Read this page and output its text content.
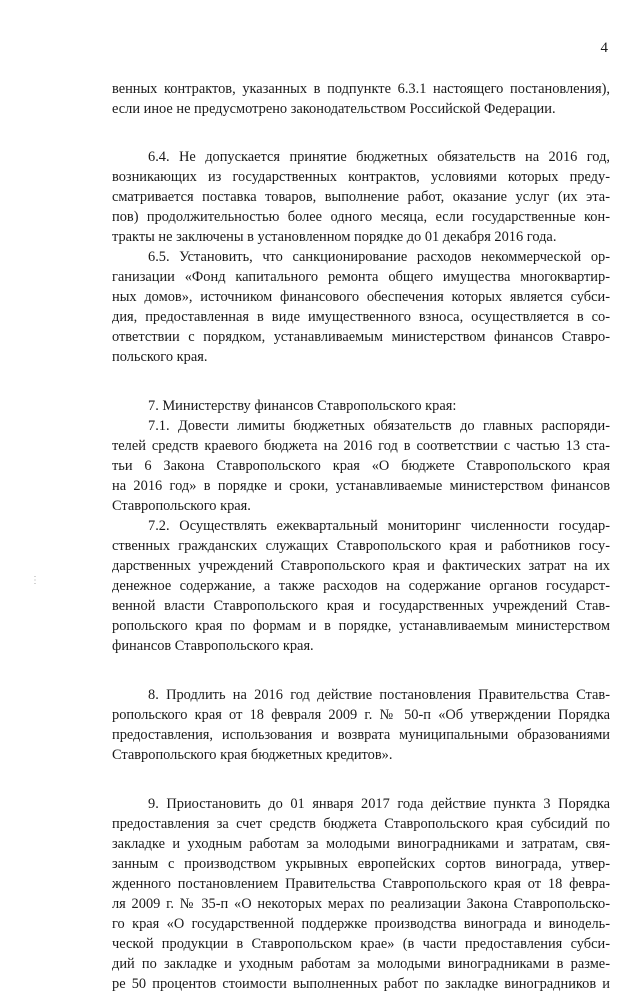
4
⋮

венных контрактов, указанных в подпункте 6.3.1 настоящего постановления),
если иное не предусмотрено законодательством Российской Федерации.

6.4. Не допускается принятие бюджетных обязательств на 2016 год,
возникающих из государственных контрактов, условиями которых преду-
сматривается поставка товаров, выполнение работ, оказание услуг (их эта-
пов) продолжительностью более одного месяца, если государственные кон-
тракты не заключены в установленном порядке до 01 декабря 2016 года.

6.5. Установить, что санкционирование расходов некоммерческой ор-
ганизации «Фонд капитального ремонта общего имущества многоквартир-
ных домов», источником финансового обеспечения которых является субси-
дия, предоставленная в виде имущественного взноса, осуществляется в со-
ответствии с порядком, устанавливаемым министерством финансов Ставро-
польского края.

7. Министерству финансов Ставропольского края:

7.1. Довести лимиты бюджетных обязательств до главных распоряди-
телей средств краевого бюджета на 2016 год в соответствии с частью 13 ста-
тьи 6 Закона Ставропольского края «О бюджете Ставропольского края
на 2016 год» в порядке и сроки, устанавливаемые министерством финансов
Ставропольского края.

7.2. Осуществлять ежеквартальный мониторинг численности государ-
ственных гражданских служащих Ставропольского края и работников госу-
дарственных учреждений Ставропольского края и фактических затрат на их
денежное содержание, а также расходов на содержание органов государст-
венной власти Ставропольского края и государственных учреждений Став-
ропольского края по формам и в порядке, устанавливаемым министерством
финансов Ставропольского края.

8. Продлить на 2016 год действие постановления Правительства Став-
ропольского края от 18 февраля 2009 г. № 50-п «Об утверждении Порядка
предоставления, использования и возврата муниципальными образованиями
Ставропольского края бюджетных кредитов».

9. Приостановить до 01 января 2017 года действие пункта 3 Порядка
предоставления за счет средств бюджета Ставропольского края субсидий по
закладке и уходным работам за молодыми виноградниками и затратам, свя-
занным с производством укрывных европейских сортов винограда, утвер-
жденного постановлением Правительства Ставропольского края от 18 февра-
ля 2009 г. № 35-п «О некоторых мерах по реализации Закона Ставропольско-
го края «О государственной поддержке производства винограда и винодель-
ческой продукции в Ставропольском крае» (в части предоставления субси-
дий по закладке и уходным работам за молодыми виноградниками в разме-
ре 50 процентов стоимости выполненных работ по закладке виноградников и
